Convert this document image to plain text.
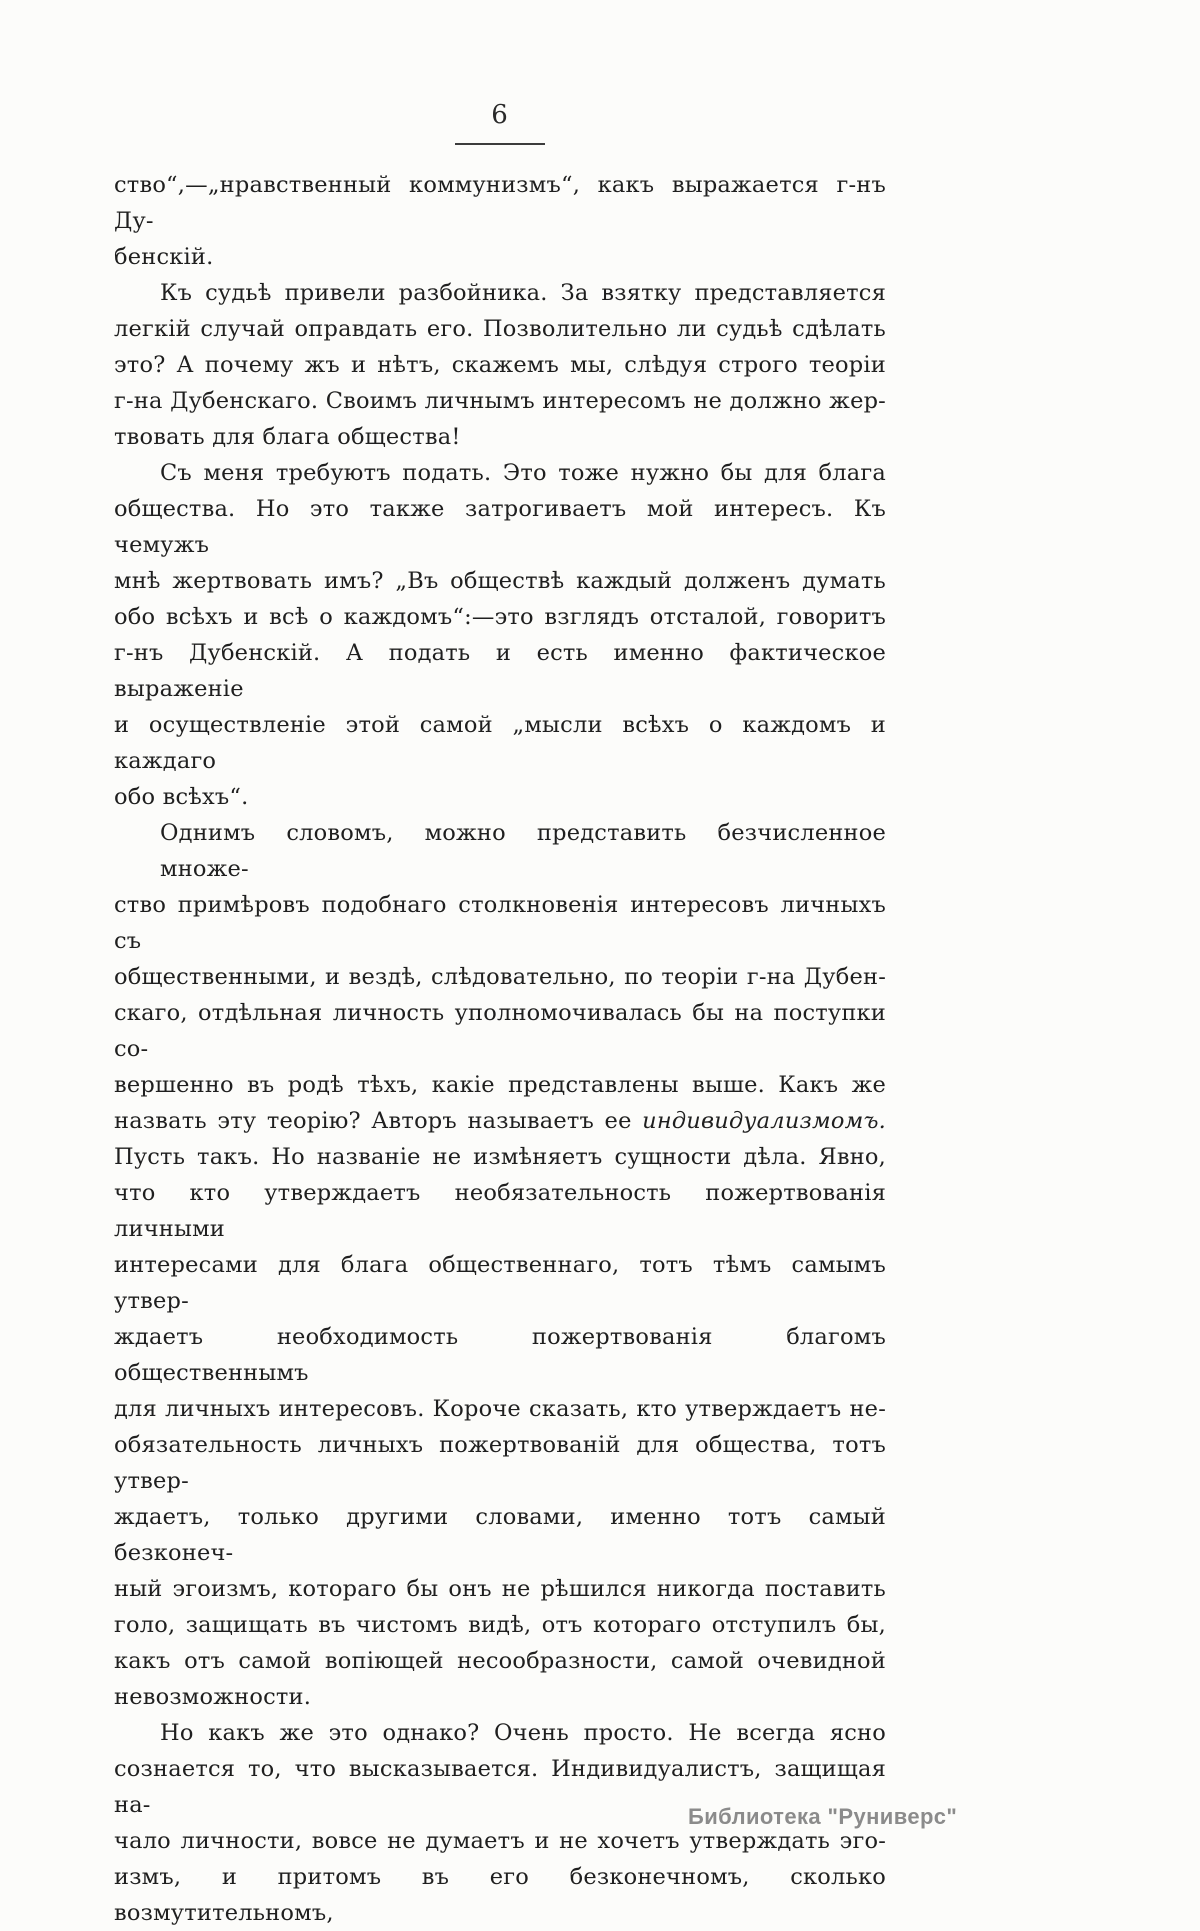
6
ство“,—„нравственный коммунизмъ“, какъ выражается г-нъ Ду-
бенскій.
Къ судьѣ привели разбойника. За взятку представляется
легкій случай оправдать его. Позволительно ли судьѣ сдѣлать
это? А почему жъ и нѣтъ, скажемъ мы, слѣдуя строго теоріи
г-на Дубенскаго. Своимъ личнымъ интересомъ не должно жер-
твовать для блага общества!
Съ меня требуютъ подать. Это тоже нужно бы для блага
общества. Но это также затрогиваетъ мой интересъ. Къ чемужъ
мнѣ жертвовать имъ? „Въ обществѣ каждый долженъ думать
обо всѣхъ и всѣ о каждомъ“:—это взглядъ отсталой, говоритъ
г-нъ Дубенскій. А подать и есть именно фактическое выраженіе
и осуществленіе этой самой „мысли всѣхъ о каждомъ и каждаго
обо всѣхъ“.
Однимъ словомъ, можно представить безчисленное множе-
ство примѣровъ подобнаго столкновенія интересовъ личныхъ съ
общественными, и вездѣ, слѣдовательно, по теоріи г-на Дубен-
скаго, отдѣльная личность уполномочивалась бы на поступки со-
вершенно въ родѣ тѣхъ, какіе представлены выше. Какъ же
назвать эту теорію? Авторъ называетъ ее индивидуализмомъ.
Пусть такъ. Но названіе не измѣняетъ сущности дѣла. Явно,
что кто утверждаетъ необязательность пожертвованія личными
интересами для блага общественнаго, тотъ тѣмъ самымъ утвер-
ждаетъ необходимость пожертвованія благомъ общественнымъ
для личныхъ интересовъ. Короче сказать, кто утверждаетъ не-
обязательность личныхъ пожертвованій для общества, тотъ утвер-
ждаетъ, только другими словами, именно тотъ самый безконеч-
ный эгоизмъ, котораго бы онъ не рѣшился никогда поставить
голо, защищать въ чистомъ видѣ, отъ котораго отступилъ бы,
какъ отъ самой вопіющей несообразности, самой очевидной
невозможности.
Но какъ же это однако? Очень просто. Не всегда ясно
сознается то, что высказывается. Индивидуалистъ, защищая на-
чало личности, вовсе не думаетъ и не хочетъ утверждать эго-
измъ, и притомъ въ его безконечномъ, сколько возмутительномъ,
Библиотека "Руниверс"
